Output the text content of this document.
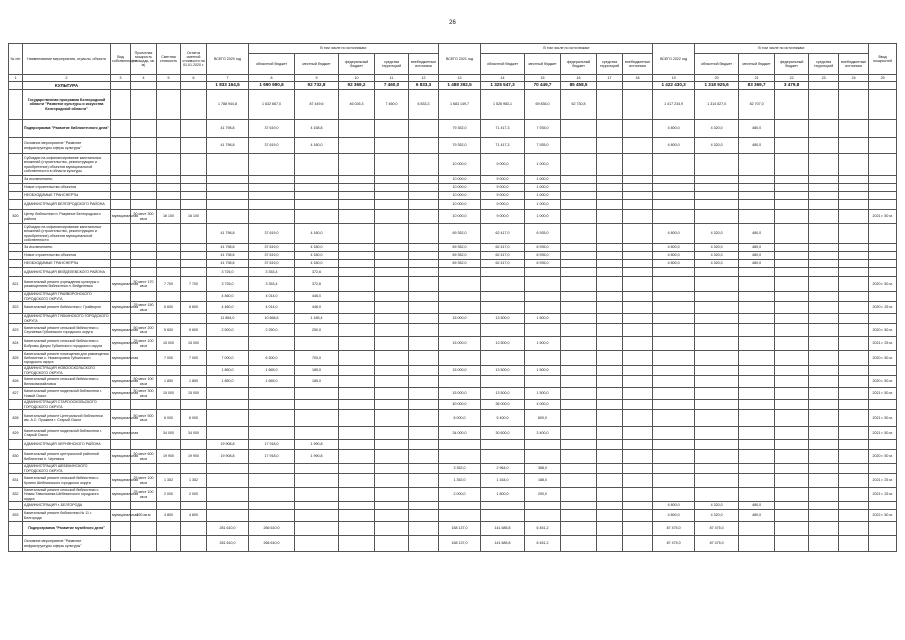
26
№ п/п	Наименование мероприятия, отрасли, объекта	Вид собственности	Проектная мощность (площадь, кв. м)	Сметная стоимость	Остаток сметной стоимости на 01.01.2020 г.	ВСЕГО 2020 год	В том числе по источникам:					ВСЕГО 2021 год	В том числе по источникам:					ВСЕГО 2022 год	В том числе по источникам:					Ввод мощностей
							областной бюджет	местный бюджет	федеральный бюджет	средства территорий	внебюджетные источники		областной бюджет	местный бюджет	федеральный бюджет	средства территорий	внебюджетные источники		областной бюджет	местный бюджет	федеральный бюджет	средства территорий	внебюджетные источники	
1	2	3	4	5	6	7	8	9	10	11	12	13	14	15	16	17	18	19	20	21	22	23	24	25
	КУЛЬТУРА					1 833 164,5	1 690 980,8	92 732,8	92 369,2	7 460,0	6 833,3	1 488 392,5	1 325 547,3	70 449,7	85 458,5			1 422 430,3	1 318 925,6	83 369,7	3 479,8			
	Государственная программа Белгородской области "Развитие культуры и искусства Белгородской области"					1 788 944,8	1 632 667,0	87 449,6	46 026,3	7 460,0	6 833,3	1 683 149,7	1 526 983,1	69 836,0	62 730,8			1 417 234,9	1 314 527,0	82 707,0				
	Подпрограмма "Развитие библиотечного дела"					41 798,8	37 619,0	4 158,8				79 352,0	71 417,3	7 935,0				4 800,0	4 320,0	480,0				
	Основное мероприятие "Развитие инфраструктуры сферы культуры"					41 798,8	37 619,0	4 180,0				79 352,0	71 417,3	7 935,0				4 800,0	4 320,0	480,0				
	Субсидии на софинансирование капитальных вложений (строительство, реконструкцию и приобретение) объектов муниципальной собственности в области культуры											10 000,0	9 000,0	1 000,0										
	За исключением:											10 000,0	9 000,0	1 000,0										
	Новое строительство объектов											10 000,0	9 000,0	1 000,0										
	НЕОБХОДИМЫЕ ТРАНСФЕРТЫ											10 000,0	9 000,0	1 000,0										
	АДМИНИСТРАЦИЯ БЕЛГОРОДСКОГО РАЙОНА											10 000,0	9 000,0	1 000,0										
820	Центр библиотеки п. Разумное Белгородского района	муниципальная	50 мест 300 кв.м	16 100	16 100							10 000,0	9 000,0	1 000,0										2021 г. 50 м.
	Субсидии на софинансирование капитальных вложений (строительство, реконструкцию и приобретение) объектов муниципальной собственности					41 798,8	37 619,0	4 180,0				69 352,0	62 417,0	6 935,0				4 800,0	4 320,0	480,0				
	За исключением:					41 798,8	37 619,0	4 180,0				69 352,0	62 417,0	6 935,0				4 800,0	4 320,0	480,0				
	Новое строительство объектов					41 798,8	37 619,0	4 180,0				69 352,0	62 417,0	6 935,0				4 800,0	4 320,0	480,0				
	НЕОБХОДИМЫЕ ТРАНСФЕРТЫ					41 798,8	37 619,0	4 180,0				69 352,0	62 417,0	6 935,0				4 800,0	4 320,0	480,0				
	АДМИНИСТРАЦИЯ ВЕЙДЕЛЕВСКОГО РАЙОНА					3 726,0	3 353,4	372,6																
821	Капитальный ремонт учреждения культуры с размещением библиотеки п. Вейделевка	муниципальная	50 мест 170 кв.м	7 700	7 700	3 726,0	3 353,4	372,6																2020 г. 50 м.
	АДМИНИСТРАЦИЯ ГРАЙВОРОНСКОГО ГОРОДСКОГО ОКРУГА					4 460,0	4 014,0	446,0																
822	Капитальный ремонт библиотеки г. Грайворон	муниципальная	25 мест 150 кв.м	6 600	6 600	4 460,0	4 014,0	446,0																2020 г. 25 м.
	АДМИНИСТРАЦИЯ ГУБКИНСКОГО ГОРОДСКОГО ОКРУГА					11 854,0	10 668,6	1 185,4				15 000,0	13 500,0	1 500,0										
823	Капитальный ремонт сельской библиотеки с. Сергиевка Губкинского городского округа	муниципальная	50 мест 200 кв.м	5 600	5 600	2 500,0	2 250,0	250,0																2020 г. 50 м.
824	Капитальный ремонт сельской библиотеки с. Бобровы Дворы Губкинского городского округа	муниципальная	25 мест 100 кв.м	15 000	15 000							15 000,0	13 500,0	1 500,0										2021 г. 25 м.
825	Капитальный ремонт помещения для размещения библиотеки с. Никаноровка Губкинского городского округа	муниципальная		7 000	7 000	7 000,0	6 300,0	700,0																2020 г. 50 м.
	АДМИНИСТРАЦИЯ НОВООСКОЛЬСКОГО ГОРОДСКОГО ОКРУГА					1 850,0	1 665,0	185,0				15 000,0	13 500,0	1 500,0										
826	Капитальный ремонт сельской библиотеки с. Великомихайловка	муниципальная	50 мест 100 кв.м	1 850	1 850	1 850,0	1 665,0	185,0																2020 г. 50 м.
827	Капитальный ремонт модельной библиотеки г. Новый Оскол	муниципальная	50 мест 300 кв.м	15 000	15 000							15 000,0	13 500,0	1 500,0										2021 г. 50 м.
	АДМИНИСТРАЦИЯ СТАРООСКОЛЬСКОГО ГОРОДСКОГО ОКРУГА											40 000,0	36 000,0	4 000,0										
828	Капитальный ремонт Центральной библиотеки им. А.С. Пушкина г. Старый Оскол	муниципальная	50 мест 500 кв.м	6 000	6 000							6 000,0	5 400,0	600,0										2021 г. 50 м.
829	Капитальный ремонт модельной библиотеки г. Старый Оскол	муниципальная		34 000	34 000							34 000,0	30 600,0	3 400,0										2021 г. 50 м.
	АДМИНИСТРАЦИЯ ЧЕРНЯНСКОГО РАЙОНА					19 908,8	17 918,0	1 990,8																
830	Капитальный ремонт центральной районной библиотеки п. Чернянка	муниципальная	50 мест 600 кв.м	19 900	19 900	19 908,8	17 918,0	1 990,8																2020 г. 50 м.
	АДМИНИСТРАЦИЯ ШЕБЕКИНСКОГО ГОРОДСКОГО ОКРУГА											3 352,0	2 964,0	388,0										
831	Капитальный ремонт сельской библиотеки с. Купино Шебекинского городского округа	муниципальная	25 мест 100 кв.м	1 352	1 352							1 352,0	1 164,0	188,0										2021 г. 25 м.
832	Капитальный ремонт сельской библиотеки с. Новая Таволжанка Шебекинского городского округа	муниципальная	25 мест 100 кв.м	2 000	2 000							2 000,0	1 800,0	200,0										2021 г. 25 м.
	АДМИНИСТРАЦИЯ г. БЕЛГОРОДА																	4 800,0	4 320,0	480,0				
833	Капитальный ремонт библиотеки № 11 г. Белгорода	муниципальная	250 кв.м	4 800	4 800													4 800,0	4 320,0	480,0				2022 г. 50 м.
	Подпрограмма "Развитие музейного дела"					281 610,0	266 610,0					158 137,0	141 685,8	6 451,2				87 475,0	87 475,0					
	Основное мероприятие "Развитие инфраструктуры сферы культуры"					281 610,0	266 610,0					158 137,0	141 685,8	6 451,2				87 475,0	87 475,0					
